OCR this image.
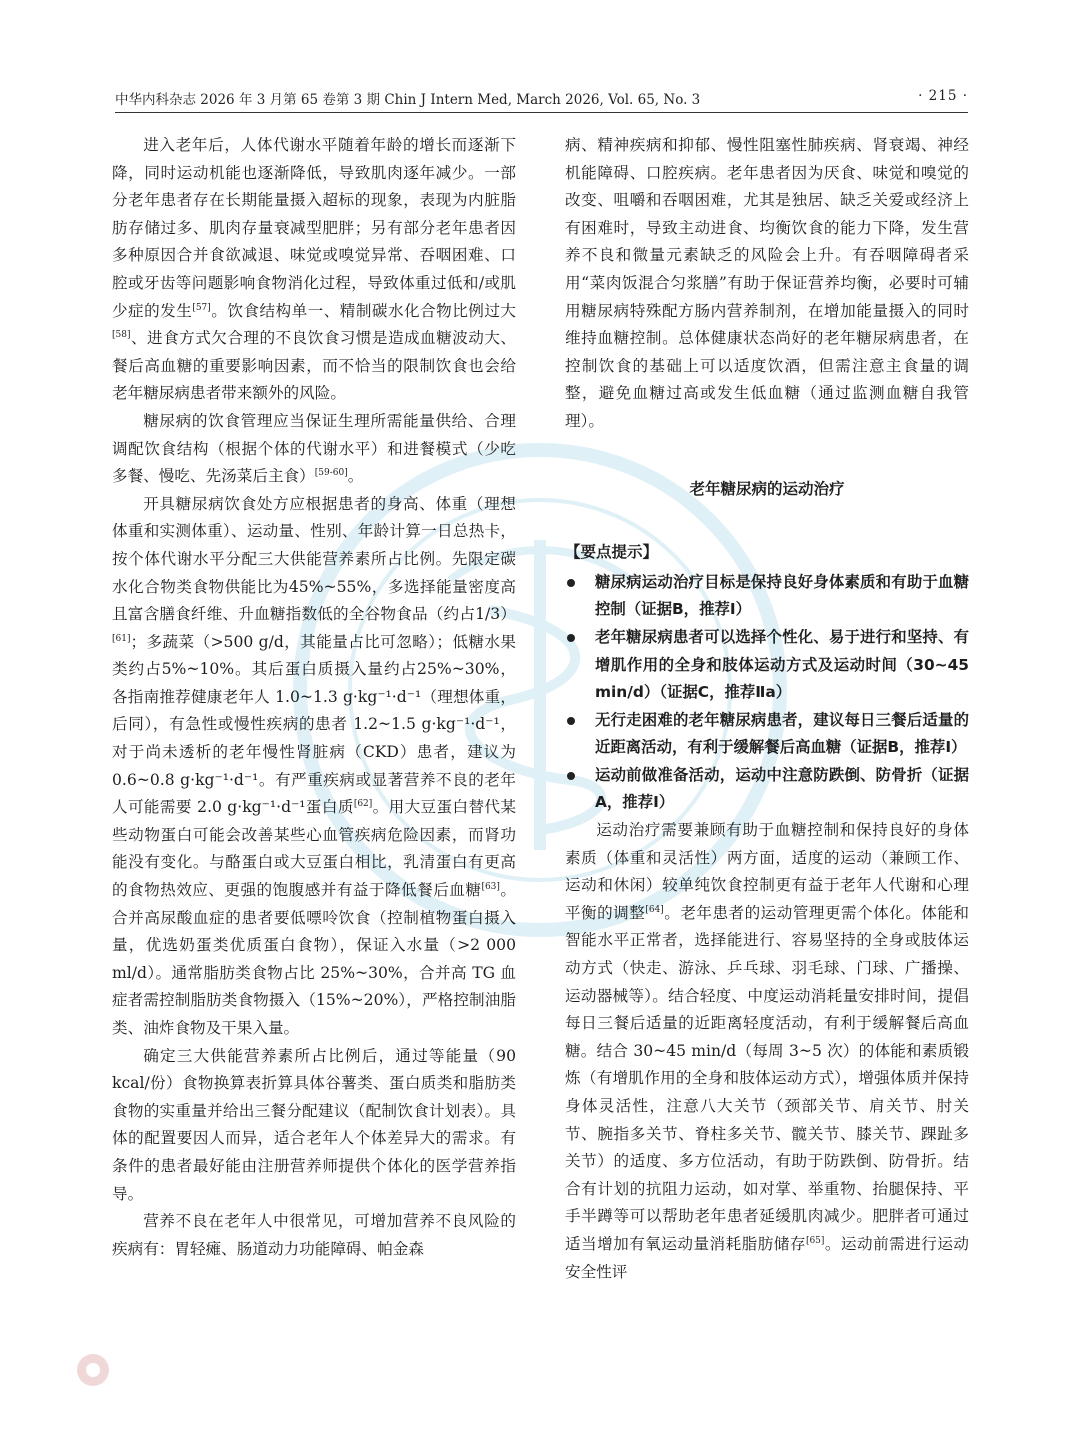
中华内科杂志 2026 年 3 月第 65 卷第 3 期 Chin J Intern Med, March 2026, Vol. 65, No. 3	· 215 ·

进入老年后，人体代谢水平随着年龄的增长而逐渐下降，同时运动机能也逐渐降低，导致肌肉逐年减少。一部分老年患者存在长期能量摄入超标的现象，表现为内脏脂肪存储过多、肌肉存量衰减型肥胖；另有部分老年患者因多种原因合并食欲减退、味觉或嗅觉异常、吞咽困难、口腔或牙齿等问题影响食物消化过程，导致体重过低和/或肌少症的发生[57]。饮食结构单一、精制碳水化合物比例过大[58]、进食方式欠合理的不良饮食习惯是造成血糖波动大、餐后高血糖的重要影响因素，而不恰当的限制饮食也会给老年糖尿病患者带来额外的风险。

糖尿病的饮食管理应当保证生理所需能量供给、合理调配饮食结构（根据个体的代谢水平）和进餐模式（少吃多餐、慢吃、先汤菜后主食）[59-60]。

开具糖尿病饮食处方应根据患者的身高、体重（理想体重和实测体重）、运动量、性别、年龄计算一日总热卡，按个体代谢水平分配三大供能营养素所占比例。先限定碳水化合物类食物供能比为45%~55%，多选择能量密度高且富含膳食纤维、升血糖指数低的全谷物食品（约占1/3）[61]；多蔬菜（>500 g/d，其能量占比可忽略）；低糖水果类约占5%~10%。其后蛋白质摄入量约占25%~30%，各指南推荐健康老年人 1.0~1.3 g·kg⁻¹·d⁻¹（理想体重，后同），有急性或慢性疾病的患者 1.2~1.5 g·kg⁻¹·d⁻¹，对于尚未透析的老年慢性肾脏病（CKD）患者，建议为 0.6~0.8 g·kg⁻¹·d⁻¹。有严重疾病或显著营养不良的老年人可能需要 2.0 g·kg⁻¹·d⁻¹蛋白质[62]。用大豆蛋白替代某些动物蛋白可能会改善某些心血管疾病危险因素，而肾功能没有变化。与酪蛋白或大豆蛋白相比，乳清蛋白有更高的食物热效应、更强的饱腹感并有益于降低餐后血糖[63]。合并高尿酸血症的患者要低嘌呤饮食（控制植物蛋白摄入量，优选奶蛋类优质蛋白食物），保证入水量（>2 000 ml/d）。通常脂肪类食物占比 25%~30%，合并高 TG 血症者需控制脂肪类食物摄入（15%~20%），严格控制油脂类、油炸食物及干果入量。

确定三大供能营养素所占比例后，通过等能量（90 kcal/份）食物换算表折算具体谷薯类、蛋白质类和脂肪类食物的实重量并给出三餐分配建议（配制饮食计划表）。具体的配置要因人而异，适合老年人个体差异大的需求。有条件的患者最好能由注册营养师提供个体化的医学营养指导。

营养不良在老年人中很常见，可增加营养不良风险的疾病有：胃轻瘫、肠道动力功能障碍、帕金森

病、精神疾病和抑郁、慢性阻塞性肺疾病、肾衰竭、神经机能障碍、口腔疾病。老年患者因为厌食、味觉和嗅觉的改变、咀嚼和吞咽困难，尤其是独居、缺乏关爱或经济上有困难时，导致主动进食、均衡饮食的能力下降，发生营养不良和微量元素缺乏的风险会上升。有吞咽障碍者采用“菜肉饭混合匀浆膳”有助于保证营养均衡，必要时可辅用糖尿病特殊配方肠内营养制剂，在增加能量摄入的同时维持血糖控制。总体健康状态尚好的老年糖尿病患者，在控制饮食的基础上可以适度饮酒，但需注意主食量的调整，避免血糖过高或发生低血糖（通过监测血糖自我管理）。

老年糖尿病的运动治疗
【要点提示】
糖尿病运动治疗目标是保持良好身体素质和有助于血糖控制（证据B，推荐Ⅰ）
老年糖尿病患者可以选择个性化、易于进行和坚持、有增肌作用的全身和肢体运动方式及运动时间（30~45 min/d）（证据C，推荐Ⅱa）
无行走困难的老年糖尿病患者，建议每日三餐后适量的近距离活动，有利于缓解餐后高血糖（证据B，推荐Ⅰ）
运动前做准备活动，运动中注意防跌倒、防骨折（证据A，推荐Ⅰ）

运动治疗需要兼顾有助于血糖控制和保持良好的身体素质（体重和灵活性）两方面，适度的运动（兼顾工作、运动和休闲）较单纯饮食控制更有益于老年人代谢和心理平衡的调整[64]。老年患者的运动管理更需个体化。体能和智能水平正常者，选择能进行、容易坚持的全身或肢体运动方式（快走、游泳、乒乓球、羽毛球、门球、广播操、运动器械等）。结合轻度、中度运动消耗量安排时间，提倡每日三餐后适量的近距离轻度活动，有利于缓解餐后高血糖。结合 30~45 min/d（每周 3~5 次）的体能和素质锻炼（有增肌作用的全身和肢体运动方式），增强体质并保持身体灵活性，注意八大关节（颈部关节、肩关节、肘关节、腕指多关节、脊柱多关节、髋关节、膝关节、踝趾多关节）的适度、多方位活动，有助于防跌倒、防骨折。结合有计划的抗阻力运动，如对掌、举重物、抬腿保持、平手半蹲等可以帮助老年患者延缓肌肉减少。肥胖者可通过适当增加有氧运动量消耗脂肪储存[65]。运动前需进行运动安全性评
